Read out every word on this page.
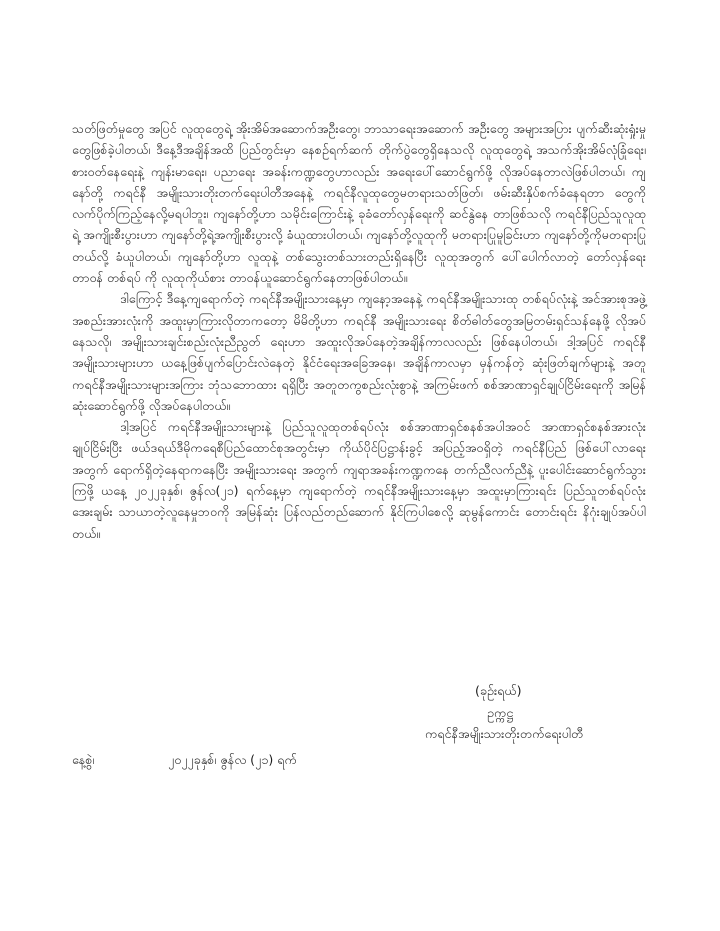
သတ်ဖြတ်မှုတွေ အပြင် လူထုတွေရဲ့ အိုးအိမ်အဆောက်အဦးတွေ၊ ဘာသာရေးအဆောက် အဦးတွေ အများအပြား ပျက်ဆီးဆုံးရှုံးမှုတွေဖြစ်ခဲ့ပါတယ်၊ ဒီနေ့ဒီအချိန်အထိ ပြည်တွင်းမှာ နေစဉ်ရက်ဆက် တိုက်ပွဲတွေရှိနေသလို လူထုတွေရဲ့ အသက်အိုးအိမ်လုံခြုံရေး၊ စားဝတ်နေရေးနဲ့ ကျန်းမာရေး၊ ပညာရေး အခန်းကဏ္ဍတွေဟာလည်း အရေးပေါ်ဆောင်ရွက်ဖို့ လိုအပ်နေတာလဲဖြစ်ပါတယ်၊ ကျနော်တို့ ကရင်နီ အမျိုးသားတိုးတက်ရေးပါတီအနေနဲ့ ကရင်နီလူထုတွေမတရားသတ်ဖြတ်၊ ဖမ်းဆီးနှိပ်စက်ခံနေရတာ တွေကို လက်ပိုက်ကြည့်နေလို့မရပါဘူး၊ ကျနော်တို့ဟာ သမိုင်းကြောင်းနဲ့ ခုခံတော်လှန်ရေးကို ဆင်နွဲနေ တာဖြစ်သလို ကရင်နီပြည်သူလူထုရဲ့ အကျိုးစီးပွားဟာ ကျနော်တို့ရဲ့အကျိုးစီးပွားလို့ ခံယူထားပါတယ်၊ ကျနော်တို့လူထုကို မတရားပြုမူခြင်းဟာ ကျနော်တို့ကိုမတရားပြုတယ်လို့ ခံယူပါတယ်၊ ကျနော်တို့ဟာ လူထုနဲ့ တစ်သွေးတစ်သားတည်းရှိနေပြီး လူထုအတွက် ပေါ်ပေါက်လာတဲ့ တော်လှန်ရေးတာဝန် တစ်ရပ် ကို လူထုကိုယ်စား တာဝန်ယူဆောင်ရွက်နေတာဖြစ်ပါတယ်။

ဒါကြောင့် ဒီနေ့ကျရောက်တဲ့ ကရင်နီအမျိုးသားနေ့မှာ ကျနော့အနေနဲ့ ကရင်နီအမျိုးသားထု တစ်ရပ်လုံးနဲ့ အင်အားစုအဖွဲ့အစည်းအားလုံးကို အထူးမှာကြားလိုတာကတော့ မိမိတို့ဟာ ကရင်နီ အမျိုးသားရေး စိတ်ဓါတ်တွေအမြတမ်းရှင်သန်နေဖို့ လိုအပ်နေသလို၊ အမျိုးသားချင်းစည်းလုံးညီညွတ် ရေးဟာ အထူးလိုအပ်နေတဲ့အချိန်ကာလလည်း ဖြစ်နေပါတယ်၊ ဒါ့အပြင် ကရင်နီအမျိုးသားများဟာ ယနေ့ဖြစ်ပျက်ပြောင်းလဲနေတဲ့ နိုင်ငံရေးအခြေအနေ၊ အချိန်ကာလမှာ မှန်ကန်တဲ့ ဆုံးဖြတ်ချက်များနဲ့ အတူ ကရင်နီအမျိုးသားများအကြား ဘုံသဘောထား ရရှိပြီး အတူတကွစည်းလုံးစွာနဲ့ အကြမ်းဖက် စစ်အာဏာရှင်ချုပ်ငြိမ်းရေးကို အမြန်ဆုံးဆောင်ရွက်ဖို့ လိုအပ်နေပါတယ်။

ဒါ့အပြင် ကရင်နီအမျိုးသားများနဲ့ ပြည်သူလူထုတစ်ရပ်လုံး စစ်အာဏာရှင်စနစ်အပါအဝင် အာဏာရှင်စနစ်အားလုံးချုပ်ငြိမ်းပြီး ဖယ်ဒရယ်ဒီမိုကရေစီပြည်ထောင်စုအတွင်းမှာ ကိုယ်ပိုင်ပြဋ္ဌာန်းခွင့် အပြည့်အဝရှိတဲ့ ကရင်နီပြည် ဖြစ်ပေါ်လာရေးအတွက် ရောက်ရှိတဲ့နေရာကနေပြီး အမျိုးသားရေး အတွက် ကျရာအခန်းကဏ္ဍကနေ တက်ညီလက်ညီနဲ့ ပူးပေါင်းဆောင်ရွက်သွားကြဖို့ ယနေ့ ၂၀၂၂ခုနှစ်၊ ဇွန်လ(၂၁) ရက်နေ့မှာ ကျရောက်တဲ့ ကရင်နီအမျိုးသားနေ့မှာ အထူးမှာကြားရင်း ပြည်သူတစ်ရပ်လုံး အေးချမ်း သာယာတဲ့လူနေမှုဘဝကို အမြန်ဆုံး ပြန်လည်တည်ဆောက် နိုင်ကြပါစေလို့ ဆုမွန်ကောင်း တောင်းရင်း နိဂုံးချုပ်အပ်ပါတယ်။

(ခုဉ်းရယ်)
ဥက္ကဋ္ဌ
ကရင်နီအမျိုးသားတိုးတက်ရေးပါတီ
နေ့စွဲ၊	၂၀၂၂ခုနှစ်၊ ဇွန်လ (၂၁) ရက်
